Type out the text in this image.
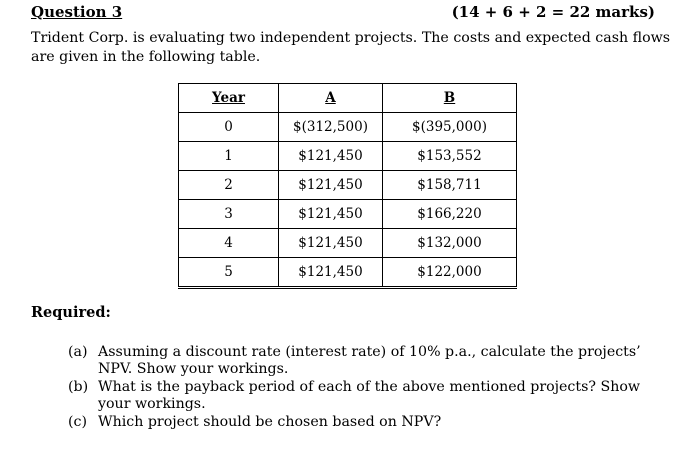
Question 3	(14 + 6 + 2 = 22 marks)
Trident Corp. is evaluating two independent projects. The costs and expected cash flows are given in the following table.
Year	A	B
0	$(312,500)	$(395,000)
1	$121,450	$153,552
2	$121,450	$158,711
3	$121,450	$166,220
4	$121,450	$132,000
5	$121,450	$122,000
Required:
(a) Assuming a discount rate (interest rate) of 10% p.a., calculate the projects’ NPV. Show your workings.
(b) What is the payback period of each of the above mentioned projects? Show your workings.
(c) Which project should be chosen based on NPV?
